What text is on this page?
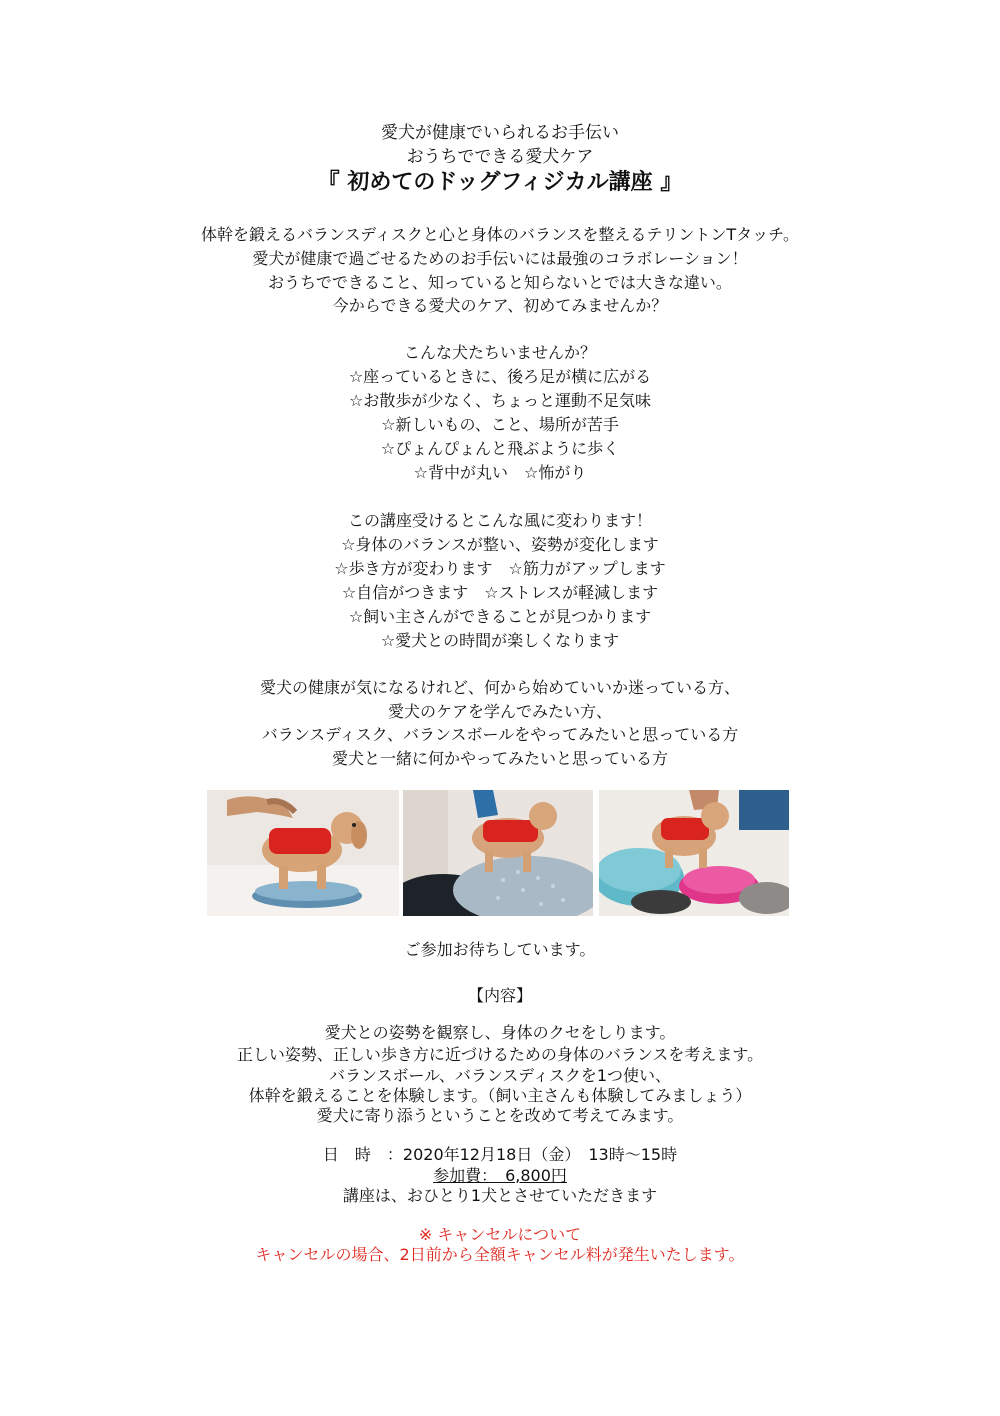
愛犬が健康でいられるお手伝い
おうちでできる愛犬ケア
『 初めてのドッグフィジカル講座 』
体幹を鍛えるバランスディスクと心と身体のバランスを整えるテリントンTタッチ。
愛犬が健康で過ごせるためのお手伝いには最強のコラボレーション！
おうちでできること、知っていると知らないとでは大きな違い。
今からできる愛犬のケア、初めてみませんか？
こんな犬たちいませんか？
☆座っているときに、後ろ足が横に広がる
☆お散歩が少なく、ちょっと運動不足気味
☆新しいもの、こと、場所が苦手
☆ぴょんぴょんと飛ぶように歩く
☆背中が丸い　☆怖がり
この講座受けるとこんな風に変わります！
☆身体のバランスが整い、姿勢が変化します
☆歩き方が変わります　☆筋力がアップします
☆自信がつきます　☆ストレスが軽減します
☆飼い主さんができることが見つかります
☆愛犬との時間が楽しくなります
愛犬の健康が気になるけれど、何から始めていいか迷っている方、
愛犬のケアを学んでみたい方、
バランスディスク、バランスボールをやってみたいと思っている方
愛犬と一緒に何かやってみたいと思っている方
ご参加お待ちしています。
【内容】
愛犬との姿勢を観察し、身体のクセをしります。
正しい姿勢、正しい歩き方に近づけるための身体のバランスを考えます。
バランスボール、バランスディスクを1つ使い、
体幹を鍛えることを体験します。（飼い主さんも体験してみましょう）
愛犬に寄り添うということを改めて考えてみます。
日　時　：2020年12月18日（金）　13時～15時
参加費：　6,800円
講座は、おひとり1犬とさせていただきます
※ キャンセルについて
キャンセルの場合、2日前から全額キャンセル料が発生いたします。
